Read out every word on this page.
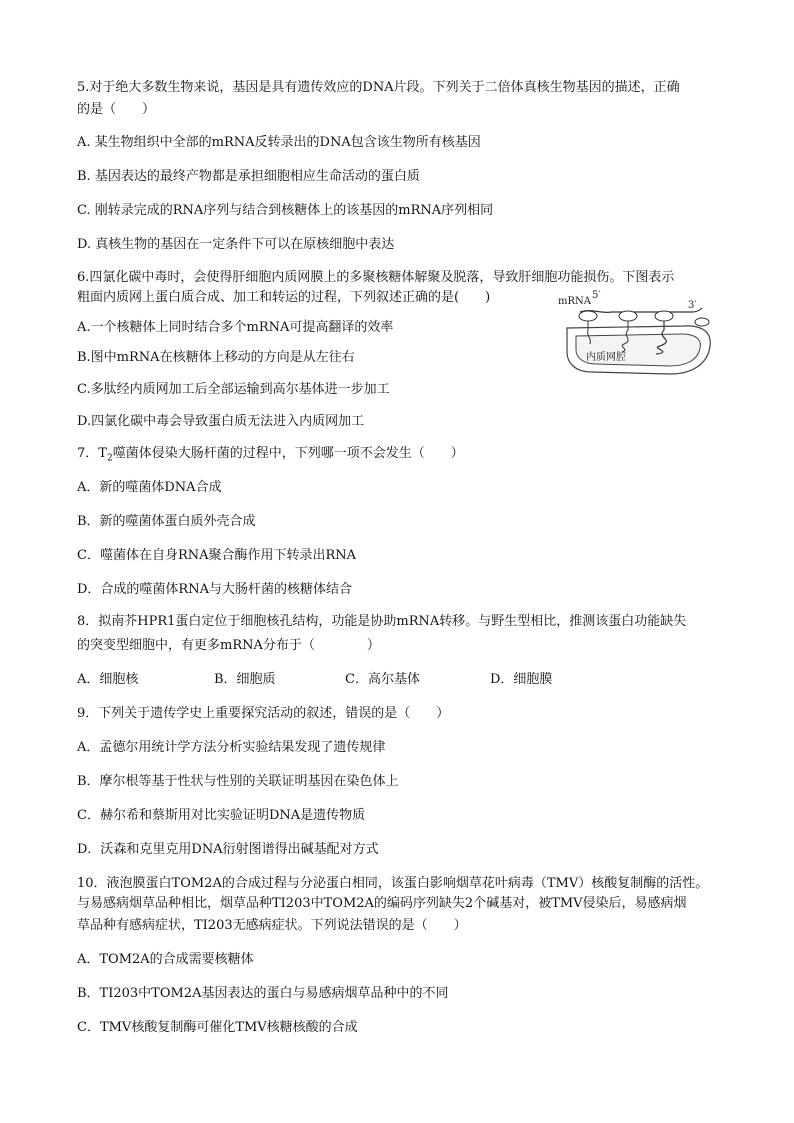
5.对于绝大多数生物来说，基因是具有遗传效应的DNA片段。下列关于二倍体真核生物基因的描述，正确
的是（　　）
A. 某生物组织中全部的mRNA反转录出的DNA包含该生物所有核基因
B. 基因表达的最终产物都是承担细胞相应生命活动的蛋白质
C. 刚转录完成的RNA序列与结合到核糖体上的该基因的mRNA序列相同
D. 真核生物的基因在一定条件下可以在原核细胞中表达
6.四氯化碳中毒时，会使得肝细胞内质网膜上的多聚核糖体解聚及脱落，导致肝细胞功能损伤。下图表示
粗面内质网上蛋白质合成、加工和转运的过程，下列叙述正确的是(　　)
A.一个核糖体上同时结合多个mRNA可提高翻译的效率
B.图中mRNA在核糖体上移动的方向是从左往右
C.多肽经内质网加工后全部运输到高尔基体进一步加工
D.四氯化碳中毒会导致蛋白质无法进入内质网加工
mRNA
5′
3′
内质网腔
7．$T_2$噬菌体侵染大肠杆菌的过程中，下列哪一项不会发生（　　）
A．新的噬菌体DNA合成
B．新的噬菌体蛋白质外壳合成
C．噬菌体在自身RNA聚合酶作用下转录出RNA
D．合成的噬菌体RNA与大肠杆菌的核糖体结合
8．拟南芥HPR1蛋白定位于细胞核孔结构，功能是协助mRNA转移。与野生型相比，推测该蛋白功能缺失
的突变型细胞中，有更多mRNA分布于（　　　　）
A．细胞核	B．细胞质	C．高尔基体	D．细胞膜
9．下列关于遗传学史上重要探究活动的叙述，错误的是（　　）
A．孟德尔用统计学方法分析实验结果发现了遗传规律
B．摩尔根等基于性状与性别的关联证明基因在染色体上
C．赫尔希和蔡斯用对比实验证明DNA是遗传物质
D．沃森和克里克用DNA衍射图谱得出碱基配对方式
10．液泡膜蛋白TOM2A的合成过程与分泌蛋白相同，该蛋白影响烟草花叶病毒（TMV）核酸复制酶的活性。
与易感病烟草品种相比，烟草品种TI203中TOM2A的编码序列缺失2个碱基对，被TMV侵染后，易感病烟
草品种有感病症状，TI203无感病症状。下列说法错误的是（　　）
A．TOM2A的合成需要核糖体
B．TI203中TOM2A基因表达的蛋白与易感病烟草品种中的不同
C．TMV核酸复制酶可催化TMV核糖核酸的合成
